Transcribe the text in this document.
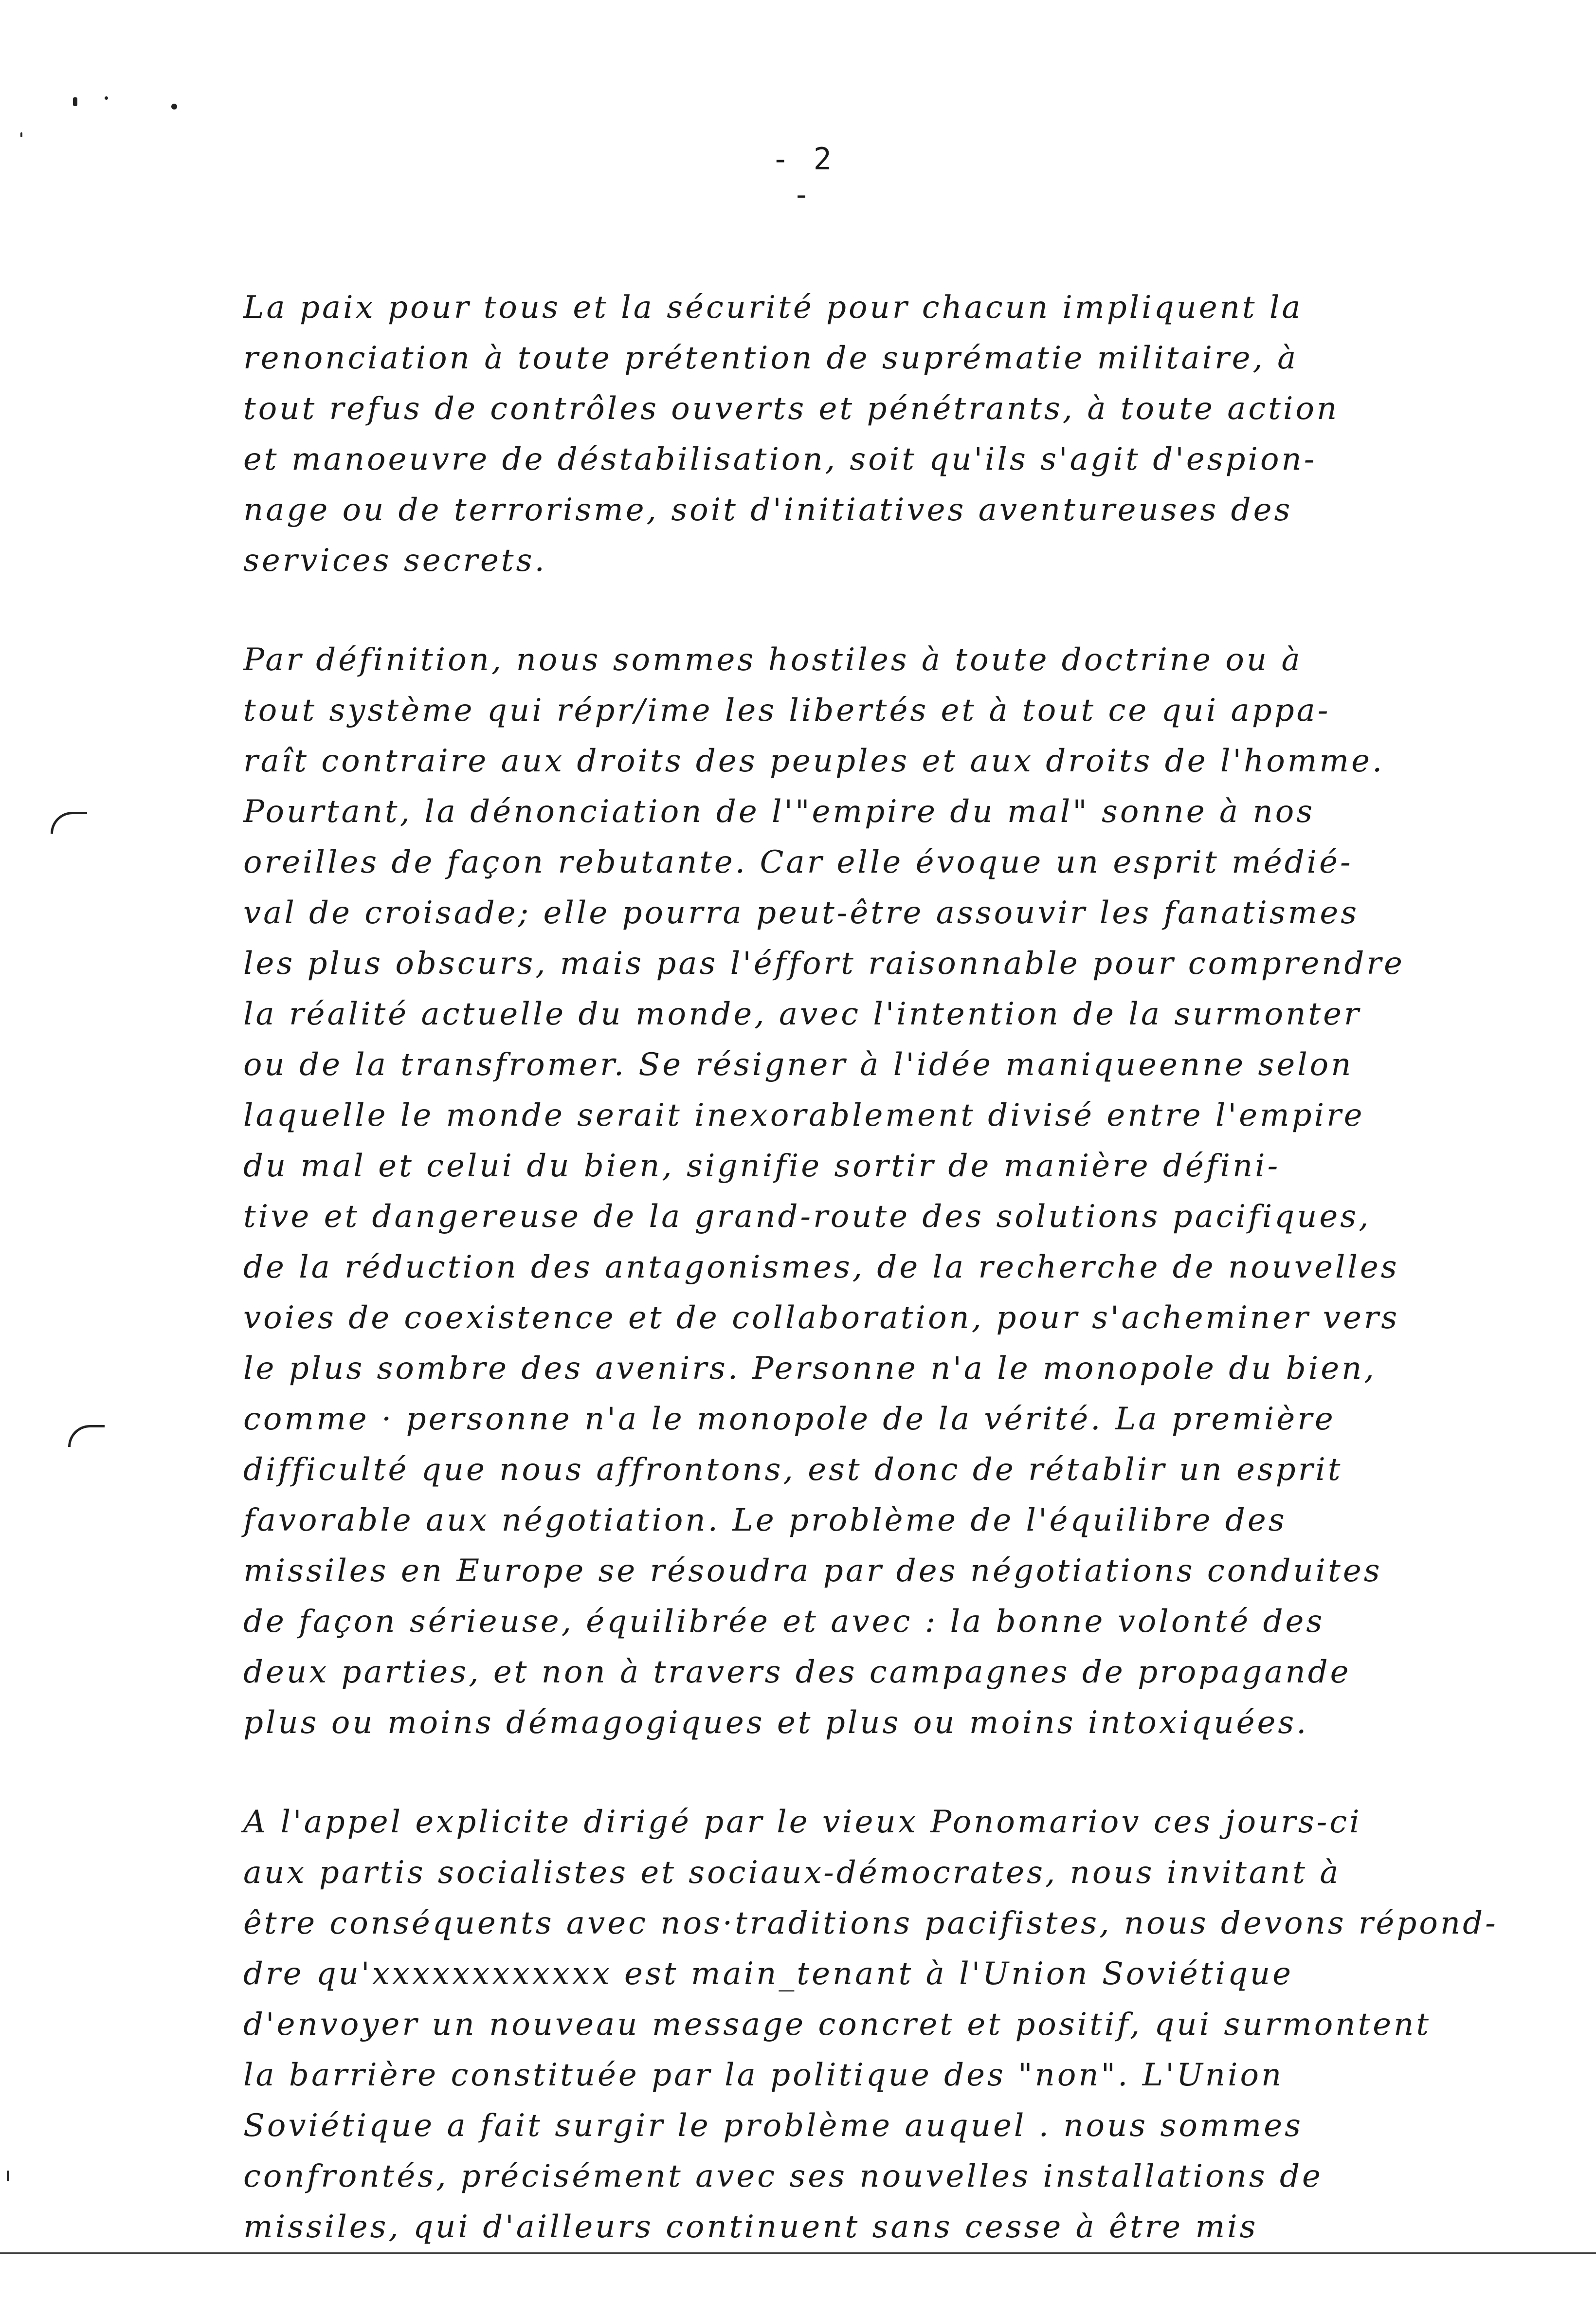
- 2 -
La paix pour tous et la sécurité pour chacun impliquent la
renonciation à toute prétention de suprématie militaire, à
tout refus de contrôles ouverts et pénétrants, à toute action
et manoeuvre de déstabilisation, soit qu'ils s'agit d'espion-
nage ou de terrorisme, soit d'initiatives aventureuses des
services secrets.
Par définition, nous sommes hostiles à toute doctrine ou à
tout système qui répr/ime les libertés et à tout ce qui appa-
raît contraire aux droits des peuples et aux droits de l'homme.
Pourtant, la dénonciation de l'"empire du mal" sonne à nos
oreilles de façon rebutante. Car elle évoque un esprit médié-
val de croisade; elle pourra peut-être assouvir les fanatismes
les plus obscurs, mais pas l'éffort raisonnable pour comprendre
la réalité actuelle du monde, avec l'intention de la surmonter
ou de la transfromer. Se résigner à l'idée maniqueenne selon
laquelle le monde serait inexorablement divisé entre l'empire
du mal et celui du bien, signifie sortir de manière défini-
tive et dangereuse de la grand-route des solutions pacifiques,
de la réduction des antagonismes, de la recherche de nouvelles
voies de coexistence et de collaboration, pour s'acheminer vers
le plus sombre des avenirs. Personne n'a le monopole du bien,
comme · personne n'a le monopole de la vérité. La première
difficulté que nous affrontons, est donc de rétablir un esprit
favorable aux négotiation. Le problème de l'équilibre des
missiles en Europe se résoudra par des négotiations conduites
de façon sérieuse, équilibrée et avec : la bonne volonté des
deux parties, et non à travers des campagnes de propagande
plus ou moins démagogiques et plus ou moins intoxiquées.
A l'appel explicite dirigé par le vieux Ponomariov ces jours-ci
aux partis socialistes et sociaux-démocrates, nous invitant à
être conséquents avec nos·traditions pacifistes, nous devons répond-
dre qu'xxxxxxxxxxxx est main_tenant à l'Union Soviétique
d'envoyer un nouveau message concret et positif, qui surmontent
la barrière constituée par la politique des "non". L'Union
Soviétique a fait surgir le problème auquel . nous sommes
confrontés, précisément avec ses nouvelles installations de
missiles, qui d'ailleurs continuent sans cesse à être mis
